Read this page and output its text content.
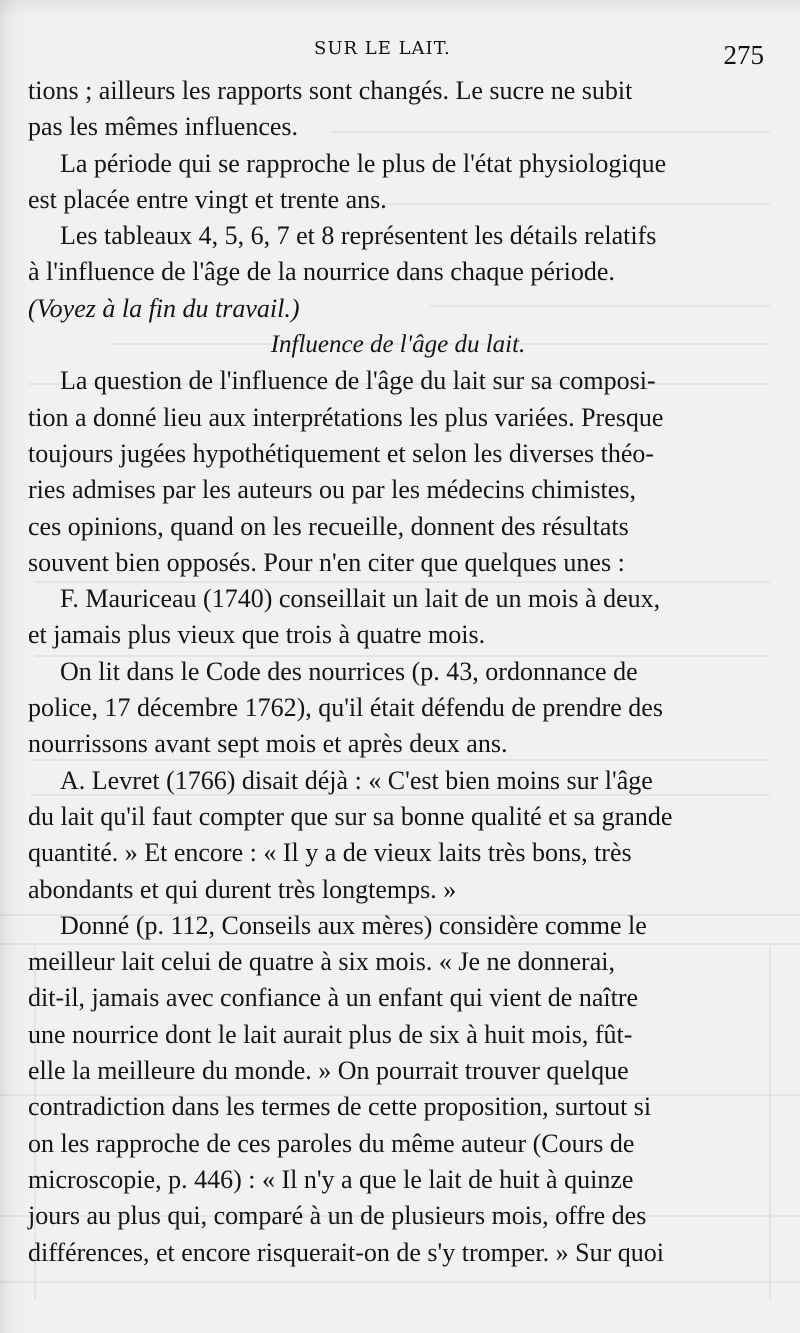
SUR LE LAIT.	275
tions ; ailleurs les rapports sont changés. Le sucre ne subit
pas les mêmes influences.
La période qui se rapproche le plus de l'état physiologique
est placée entre vingt et trente ans.
Les tableaux 4, 5, 6, 7 et 8 représentent les détails relatifs
à l'influence de l'âge de la nourrice dans chaque période.
(Voyez à la fin du travail.)
Influence de l'âge du lait.
La question de l'influence de l'âge du lait sur sa composi-
tion a donné lieu aux interprétations les plus variées. Presque
toujours jugées hypothétiquement et selon les diverses théo-
ries admises par les auteurs ou par les médecins chimistes,
ces opinions, quand on les recueille, donnent des résultats
souvent bien opposés. Pour n'en citer que quelques unes :
F. Mauriceau (1740) conseillait un lait de un mois à deux,
et jamais plus vieux que trois à quatre mois.
On lit dans le Code des nourrices (p. 43, ordonnance de
police, 17 décembre 1762), qu'il était défendu de prendre des
nourrissons avant sept mois et après deux ans.
A. Levret (1766) disait déjà : « C'est bien moins sur l'âge
du lait qu'il faut compter que sur sa bonne qualité et sa grande
quantité. » Et encore : « Il y a de vieux laits très bons, très
abondants et qui durent très longtemps. »
Donné (p. 112, Conseils aux mères) considère comme le
meilleur lait celui de quatre à six mois. « Je ne donnerai,
dit-il, jamais avec confiance à un enfant qui vient de naître
une nourrice dont le lait aurait plus de six à huit mois, fût-
elle la meilleure du monde. » On pourrait trouver quelque
contradiction dans les termes de cette proposition, surtout si
on les rapproche de ces paroles du même auteur (Cours de
microscopie, p. 446) : « Il n'y a que le lait de huit à quinze
jours au plus qui, comparé à un de plusieurs mois, offre des
différences, et encore risquerait-on de s'y tromper. » Sur quoi
